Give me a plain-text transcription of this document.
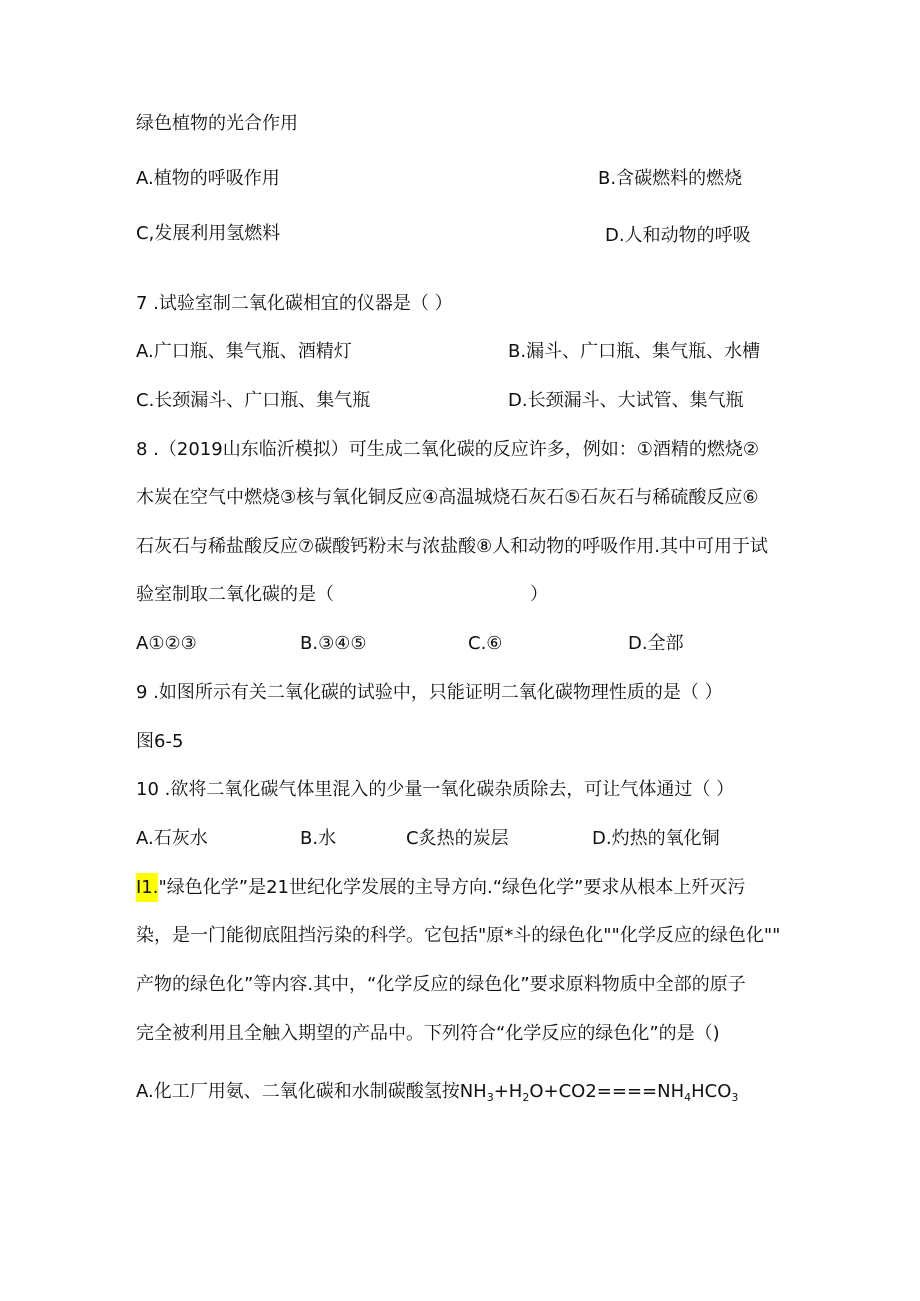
绿色植物的光合作用
A.植物的呼吸作用	B.含碳燃料的燃烧
C,发展利用氢燃料	D.人和动物的呼吸
7 .试验室制二氧化碳相宜的仪器是（ ）
A.广口瓶、集气瓶、酒精灯	B.漏斗、广口瓶、集气瓶、水槽
C.长颈漏斗、广口瓶、集气瓶	D.长颈漏斗、大试管、集气瓶
8 .（2019山东临沂模拟）可生成二氧化碳的反应许多，例如：①酒精的燃烧②
木炭在空气中燃烧③核与氧化铜反应④高温城烧石灰石⑤石灰石与稀硫酸反应⑥
石灰石与稀盐酸反应⑦碳酸钙粉末与浓盐酸⑧人和动物的呼吸作用.其中可用于试
验室制取二氧化碳的是（	）
A①②③	B.③④⑤	C.⑥	D.全部
9 .如图所示有关二氧化碳的试验中，只能证明二氧化碳物理性质的是（ ）
图6-5
10 .欲将二氧化碳气体里混入的少量一氧化碳杂质除去，可让气体通过（ ）
A.石灰水	B.水	C炙热的炭层	D.灼热的氧化铜
I1."绿色化学”是21世纪化学发展的主导方向.“绿色化学”要求从根本上歼灭污
染，是一门能彻底阻挡污染的科学。它包括"原*斗的绿色化""化学反应的绿色化""
产物的绿色化”等内容.其中，“化学反应的绿色化”要求原料物质中全部的原子
完全被利用且全触入期望的产品中。下列符合“化学反应的绿色化”的是（)
A.化工厂用氨、二氧化碳和水制碳酸氢按$NH_3+H_2O+CO2====NH_4HCO_3$
